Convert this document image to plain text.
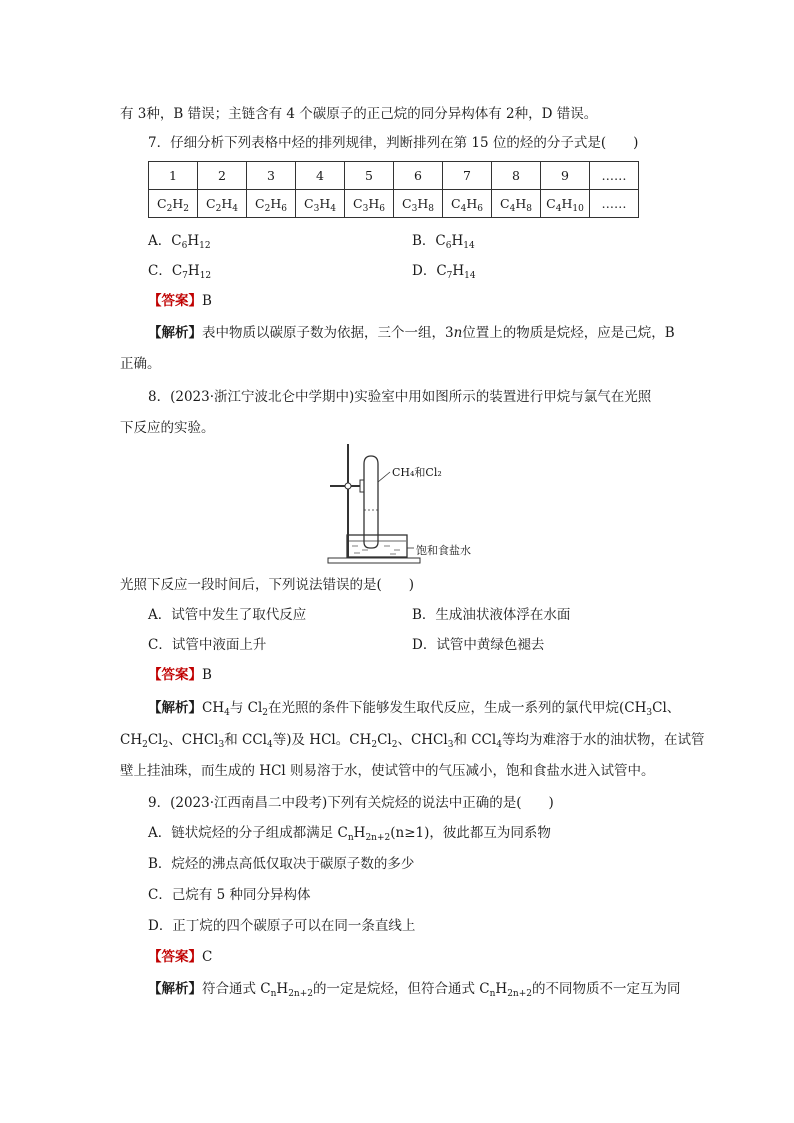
有 3种，B 错误；主链含有 4 个碳原子的正己烷的同分异构体有 2种，D 错误。
7．仔细分析下列表格中烃的排列规律，判断排列在第 15 位的烃的分子式是(　　)
1	2	3	4	5	6	7	8	9	……
$C_2H_2$	$C_2H_4$	$C_2H_6$	$C_3H_4$	$C_3H_6$	$C_3H_8$	$C_4H_6$	$C_4H_8$	$C_4H_{10}$	……
A．$C_6H_{12}$	B．$C_6H_{14}$
C．$C_7H_{12}$	D．$C_7H_{14}$
【答案】B
【解析】表中物质以碳原子数为依据，三个一组，3n位置上的物质是烷烃，应是己烷，B
正确。
8．(2023·浙江宁波北仑中学期中)实验室中用如图所示的装置进行甲烷与氯气在光照
下反应的实验。
CH₄和Cl₂
饱和食盐水
光照下反应一段时间后，下列说法错误的是(　　)
A．试管中发生了取代反应	B．生成油状液体浮在水面
C．试管中液面上升	D．试管中黄绿色褪去
【答案】B
【解析】$CH_4$与 $Cl_2$在光照的条件下能够发生取代反应，生成一系列的氯代甲烷($CH_3Cl$、
$CH_2Cl_2$、CHCl$_3$和 CCl$_4$等)及 HCl。$CH_2Cl_2$、CHCl$_3$和 CCl$_4$等均为难溶于水的油状物，在试管
壁上挂油珠，而生成的 HCl 则易溶于水，使试管中的气压减小，饱和食盐水进入试管中。
9．(2023·江西南昌二中段考)下列有关烷烃的说法中正确的是(　　)
A．链状烷烃的分子组成都满足 $C_nH_{2n+2}(n\ge 1)$，彼此都互为同系物
B．烷烃的沸点高低仅取决于碳原子数的多少
C．己烷有 5 种同分异构体
D．正丁烷的四个碳原子可以在同一条直线上
【答案】C
【解析】符合通式 $C_nH_{2n+2}$的一定是烷烃，但符合通式 $C_nH_{2n+2}$的不同物质不一定互为同
